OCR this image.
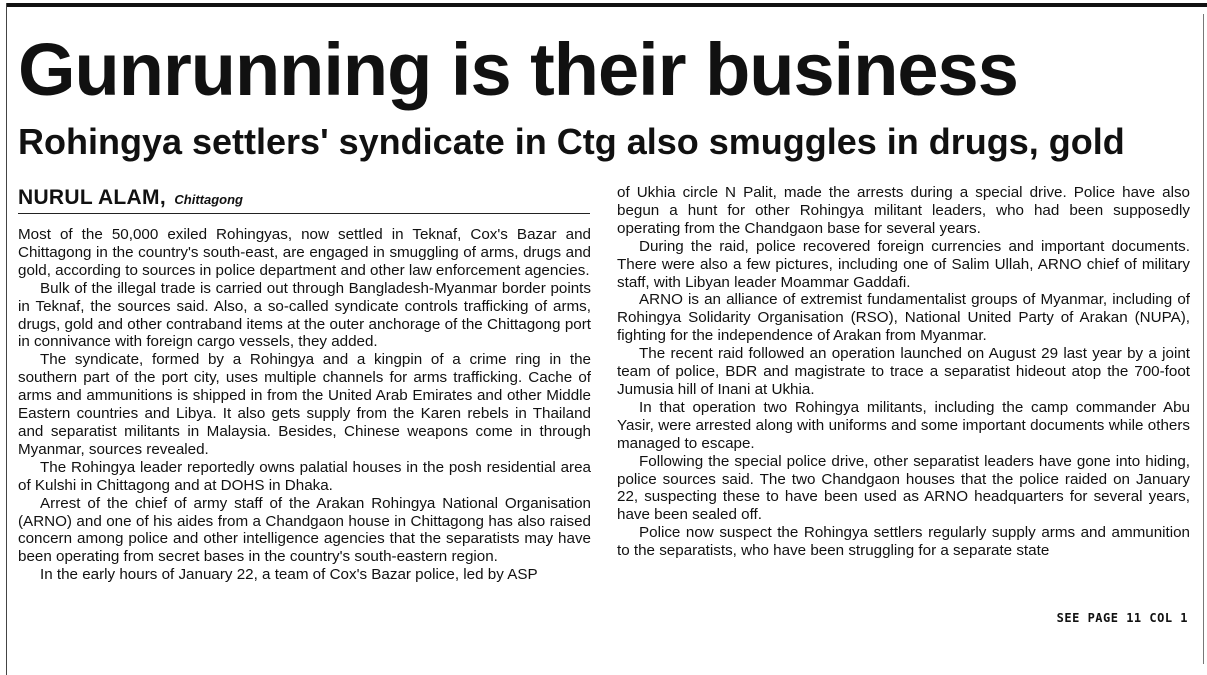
Gunrunning is their business
Rohingya settlers' syndicate in Ctg also smuggles in drugs, gold
NURUL ALAM, Chittagong

Most of the 50,000 exiled Rohingyas, now settled in Teknaf, Cox's Bazar and Chittagong in the country's south-east, are engaged in smuggling of arms, drugs and gold, according to sources in police department and other law enforcement agencies.

Bulk of the illegal trade is carried out through Bangladesh-Myanmar border points in Teknaf, the sources said. Also, a so-called syndicate controls trafficking of arms, drugs, gold and other contraband items at the outer anchorage of the Chittagong port in connivance with foreign cargo vessels, they added.

The syndicate, formed by a Rohingya and a kingpin of a crime ring in the southern part of the port city, uses multiple channels for arms trafficking. Cache of arms and ammunitions is shipped in from the United Arab Emirates and other Middle Eastern countries and Libya. It also gets supply from the Karen rebels in Thailand and separatist militants in Malaysia. Besides, Chinese weapons come in through Myanmar, sources revealed.

The Rohingya leader reportedly owns palatial houses in the posh residential area of Kulshi in Chittagong and at DOHS in Dhaka.

Arrest of the chief of army staff of the Arakan Rohingya National Organisation (ARNO) and one of his aides from a Chandgaon house in Chittagong has also raised concern among police and other intelligence agencies that the separatists may have been operating from secret bases in the country's south-eastern region.

In the early hours of January 22, a team of Cox's Bazar police, led by ASP

of Ukhia circle N Palit, made the arrests during a special drive. Police have also begun a hunt for other Rohingya militant leaders, who had been supposedly operating from the Chandgaon base for several years.

During the raid, police recovered foreign currencies and important documents. There were also a few pictures, including one of Salim Ullah, ARNO chief of military staff, with Libyan leader Moammar Gaddafi.

ARNO is an alliance of extremist fundamentalist groups of Myanmar, including of Rohingya Solidarity Organisation (RSO), National United Party of Arakan (NUPA), fighting for the independence of Arakan from Myanmar.

The recent raid followed an operation launched on August 29 last year by a joint team of police, BDR and magistrate to trace a separatist hideout atop the 700-foot Jumusia hill of Inani at Ukhia.

In that operation two Rohingya militants, including the camp commander Abu Yasir, were arrested along with uniforms and some important documents while others managed to escape.

Following the special police drive, other separatist leaders have gone into hiding, police sources said. The two Chandgaon houses that the police raided on January 22, suspecting these to have been used as ARNO headquarters for several years, have been sealed off.

Police now suspect the Rohingya settlers regularly supply arms and ammunition to the separatists, who have been struggling for a separate state

SEE PAGE 11 COL 1
